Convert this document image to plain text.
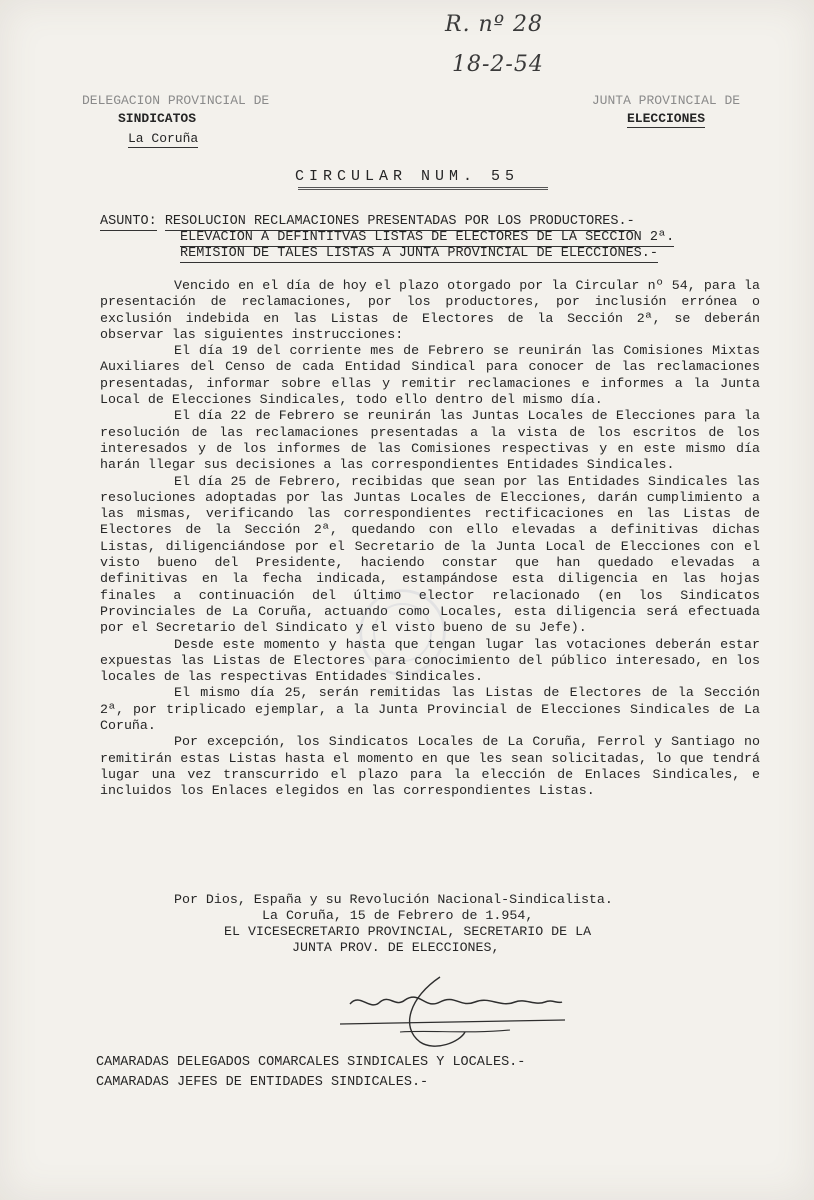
R. nº 28
18-2-54
DELEGACION PROVINCIAL DE
SINDICATOS
La Coruña
JUNTA PROVINCIAL DE
ELECCIONES
CIRCULAR NUM. 55
ASUNTO: RESOLUCION RECLAMACIONES PRESENTADAS POR LOS PRODUCTORES.-
ELEVACION A DEFINTITVAS LISTAS DE ELECTORES DE LA SECCION 2ª.
REMISION DE TALES LISTAS A JUNTA PROVINCIAL DE ELECCIONES.-

Vencido en el día de hoy el plazo otorgado por la Circular nº 54, para la presentación de reclamaciones, por los productores, por inclusión errónea o exclusión indebida en las Listas de Electores de la Sección 2ª, se deberán observar las siguientes instrucciones:

El día 19 del corriente mes de Febrero se reunirán las Comisiones Mixtas Auxiliares del Censo de cada Entidad Sindical para conocer de las reclamaciones presentadas, informar sobre ellas y remitir reclamaciones e informes a la Junta Local de Elecciones Sindicales, todo ello dentro del mismo día.

El día 22 de Febrero se reunirán las Juntas Locales de Elecciones para la resolución de las reclamaciones presentadas a la vista de los escritos de los interesados y de los informes de las Comisiones respectivas y en este mismo día harán llegar sus decisiones a las correspondientes Entidades Sindicales.

El día 25 de Febrero, recibidas que sean por las Entidades Sindicales las resoluciones adoptadas por las Juntas Locales de Elecciones, darán cumplimiento a las mismas, verificando las correspondientes rectificaciones en las Listas de Electores de la Sección 2ª, quedando con ello elevadas a definitivas dichas Listas, diligenciándose por el Secretario de la Junta Local de Elecciones con el visto bueno del Presidente, haciendo constar que han quedado elevadas a definitivas en la fecha indicada, estampándose esta diligencia en las hojas finales a continuación del último elector relacionado (en los Sindicatos Provinciales de La Coruña, actuando como Locales, esta diligencia será efectuada por el Secretario del Sindicato y el visto bueno de su Jefe).

Desde este momento y hasta que tengan lugar las votaciones deberán estar expuestas las Listas de Electores para conocimiento del público interesado, en los locales de las respectivas Entidades Sindicales.

El mismo día 25, serán remitidas las Listas de Electores de la Sección 2ª, por triplicado ejemplar, a la Junta Provincial de Elecciones Sindicales de La Coruña.

Por excepción, los Sindicatos Locales de La Coruña, Ferrol y Santiago no remitirán estas Listas hasta el momento en que les sean solicitadas, lo que tendrá lugar una vez transcurrido el plazo para la elección de Enlaces Sindicales, e incluidos los Enlaces elegidos en las correspondientes Listas.

Por Dios, España y su Revolución Nacional-Sindicalista.
La Coruña, 15 de Febrero de 1.954,
EL VICESECRETARIO PROVINCIAL, SECRETARIO DE LA
JUNTA PROV. DE ELECCIONES,
CAMARADAS DELEGADOS COMARCALES SINDICALES Y LOCALES.-
CAMARADAS JEFES DE ENTIDADES SINDICALES.-
